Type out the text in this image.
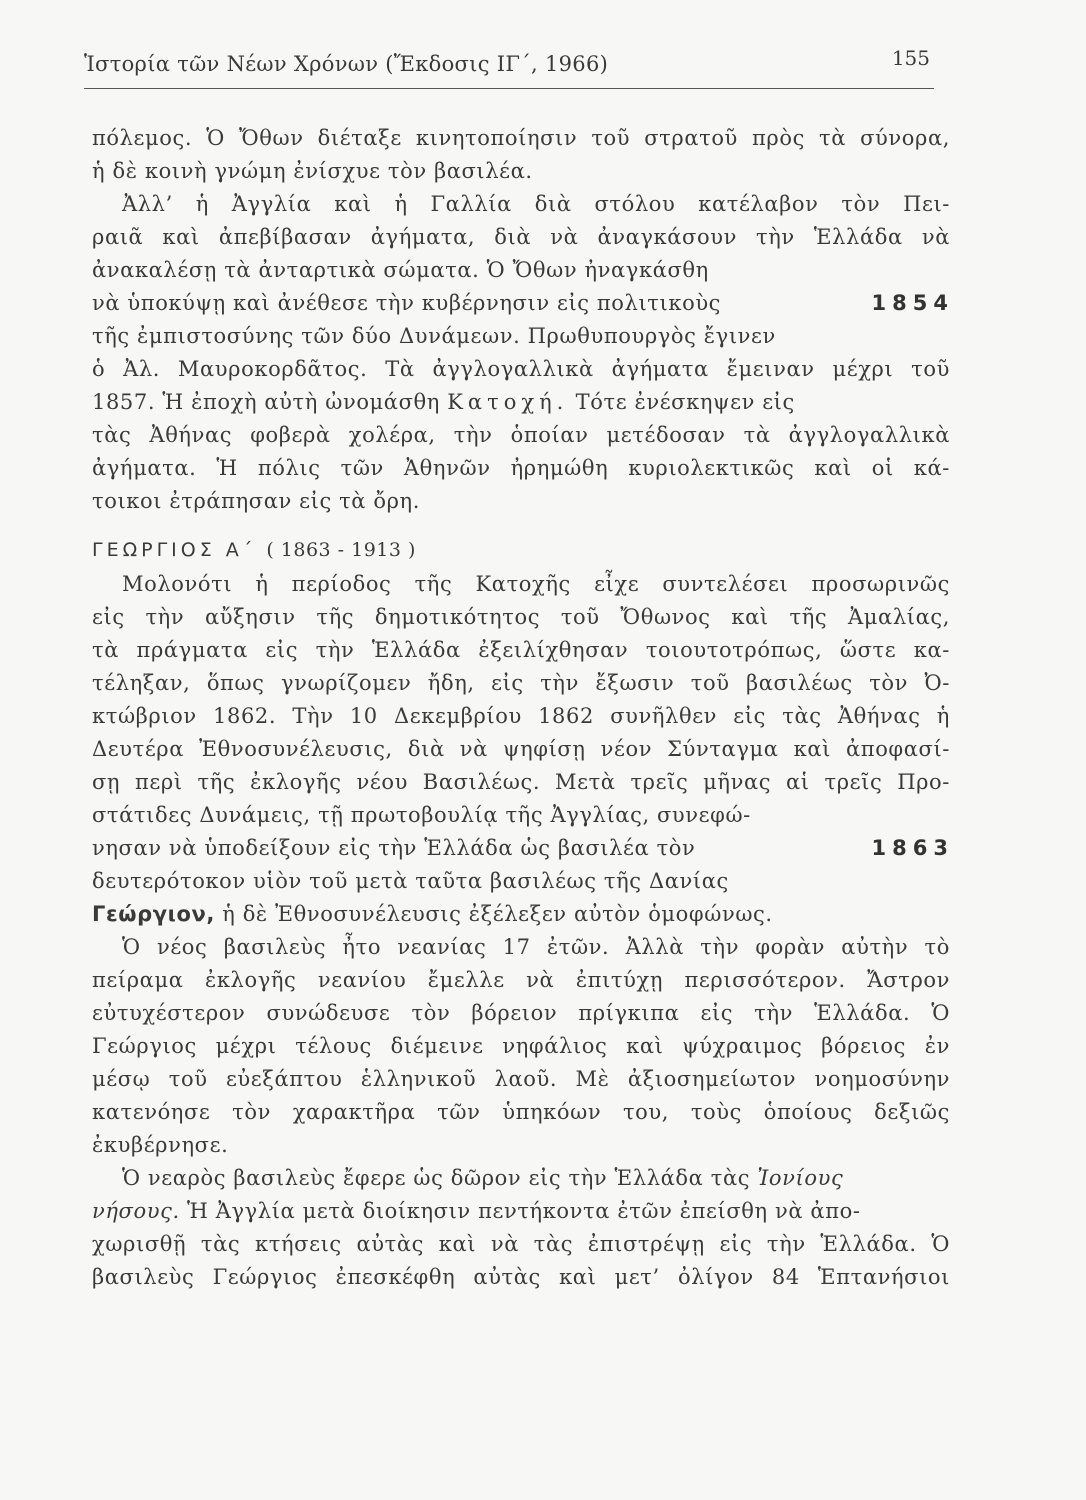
Ἱστορία τῶν Νέων Χρόνων (Ἔκδοσις ΙΓ΄, 1966)	155
πόλεμος. Ὁ Ὄθων διέταξε κινητοποίησιν τοῦ στρατοῦ πρὸς τὰ σύνορα,
ἡ δὲ κοινὴ γνώμη ἐνίσχυε τὸν βασιλέα.
Ἀλλ’ ἡ Ἀγγλία καὶ ἡ Γαλλία διὰ στόλου κατέλαβον τὸν Πει-
ραιᾶ καὶ ἀπεβίβασαν ἀγήματα, διὰ νὰ ἀναγκάσουν τὴν Ἑλλάδα νὰ
ἀνακαλέσῃ τὰ ἀνταρτικὰ σώματα. Ὁ Ὄθων ἠναγκάσθη
νὰ ὑποκύψῃ καὶ ἀνέθεσε τὴν κυβέρνησιν εἰς πολιτικοὺς	1854
τῆς ἐμπιστοσύνης τῶν δύο Δυνάμεων. Πρωθυπουργὸς ἔγινεν
ὁ Ἀλ. Μαυροκορδᾶτος. Τὰ ἀγγλογαλλικὰ ἀγήματα ἔμειναν μέχρι τοῦ
1857. Ἡ ἐποχὴ αὐτὴ ὠνομάσθη Κατοχή. Τότε ἐνέσκηψεν εἰς
τὰς Ἀθήνας φοβερὰ χολέρα, τὴν ὁποίαν μετέδοσαν τὰ ἀγγλογαλλικὰ
ἀγήματα. Ἡ πόλις τῶν Ἀθηνῶν ἠρημώθη κυριολεκτικῶς καὶ οἱ κά-
τοικοι ἐτράπησαν εἰς τὰ ὄρη.
ΓΕΩΡΓΙΟΣ Α΄ ( 1863 - 1913 )
Μολονότι ἡ περίοδος τῆς Κατοχῆς εἶχε συντελέσει προσωρινῶς
εἰς τὴν αὔξησιν τῆς δημοτικότητος τοῦ Ὄθωνος καὶ τῆς Ἀμαλίας,
τὰ πράγματα εἰς τὴν Ἑλλάδα ἐξειλίχθησαν τοιουτοτρόπως, ὥστε κα-
τέληξαν, ὅπως γνωρίζομεν ἤδη, εἰς τὴν ἔξωσιν τοῦ βασιλέως τὸν Ὀ-
κτώβριον 1862. Τὴν 10 Δεκεμβρίου 1862 συνῆλθεν εἰς τὰς Ἀθήνας ἡ
Δευτέρα Ἐθνοσυνέλευσις, διὰ νὰ ψηφίσῃ νέον Σύνταγμα καὶ ἀποφασί-
σῃ περὶ τῆς ἐκλογῆς νέου Βασιλέως. Μετὰ τρεῖς μῆνας αἱ τρεῖς Προ-
στάτιδες Δυνάμεις, τῇ πρωτοβουλίᾳ τῆς Ἀγγλίας, συνεφώ-
νησαν νὰ ὑποδείξουν εἰς τὴν Ἑλλάδα ὡς βασιλέα τὸν	1863
δευτερότοκον υἱὸν τοῦ μετὰ ταῦτα βασιλέως τῆς Δανίας
Γεώργιον, ἡ δὲ Ἐθνοσυνέλευσις ἐξέλεξεν αὐτὸν ὁμοφώνως.
Ὁ νέος βασιλεὺς ἦτο νεανίας 17 ἐτῶν. Ἀλλὰ τὴν φορὰν αὐτὴν τὸ
πείραμα ἐκλογῆς νεανίου ἔμελλε νὰ ἐπιτύχῃ περισσότερον. Ἄστρον
εὐτυχέστερον συνώδευσε τὸν βόρειον πρίγκιπα εἰς τὴν Ἑλλάδα. Ὁ
Γεώργιος μέχρι τέλους διέμεινε νηφάλιος καὶ ψύχραιμος βόρειος ἐν
μέσῳ τοῦ εὐεξάπτου ἑλληνικοῦ λαοῦ. Μὲ ἀξιοσημείωτον νοημοσύνην
κατενόησε τὸν χαρακτῆρα τῶν ὑπηκόων του, τοὺς ὁποίους δεξιῶς
ἐκυβέρνησε.
Ὁ νεαρὸς βασιλεὺς ἔφερε ὡς δῶρον εἰς τὴν Ἑλλάδα τὰς Ἰονίους
νήσους. Ἡ Ἀγγλία μετὰ διοίκησιν πεντήκοντα ἐτῶν ἐπείσθη νὰ ἀπο-
χωρισθῇ τὰς κτήσεις αὐτὰς καὶ νὰ τὰς ἐπιστρέψῃ εἰς τὴν Ἑλλάδα. Ὁ
βασιλεὺς Γεώργιος ἐπεσκέφθη αὐτὰς καὶ μετ’ ὀλίγον 84 Ἑπτανήσιοι
